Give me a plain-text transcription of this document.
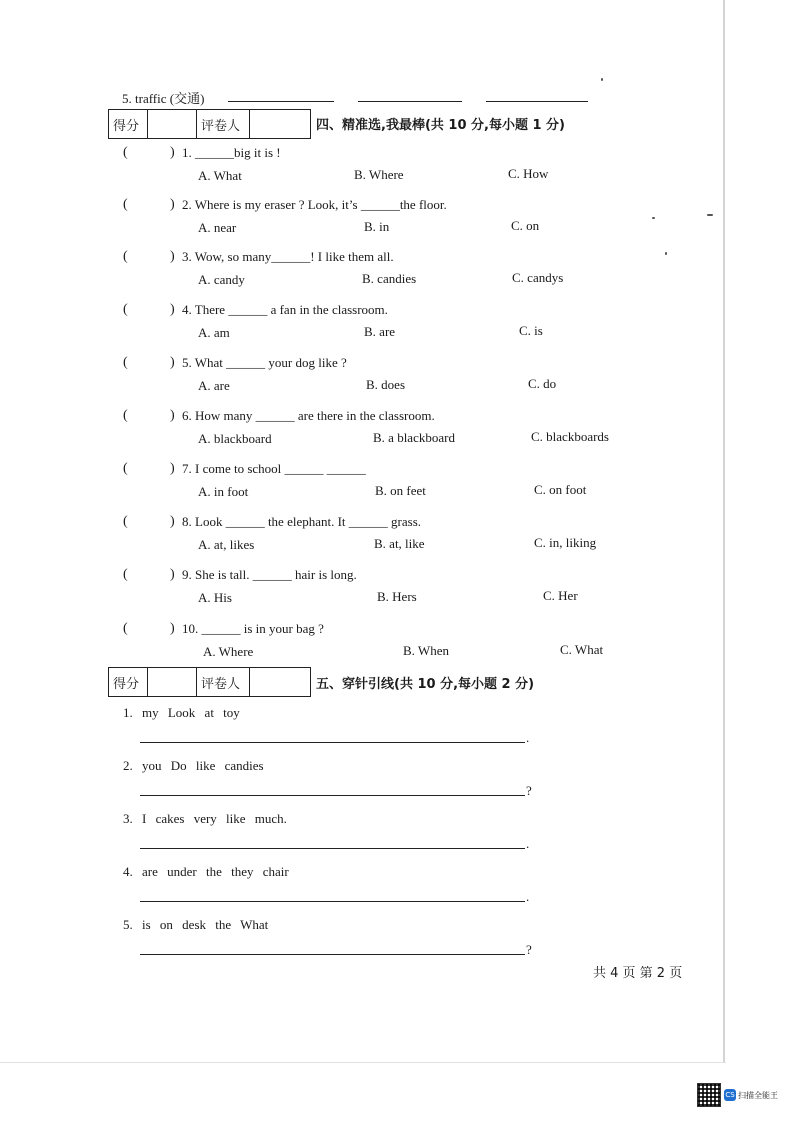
5. traffic (交通)
得分		评卷人		四、精准选,我最棒(共 10 分,每小题 1 分)
(	) 1. ______big it is !
A. What	B. Where	C. How
(	) 2. Where is my eraser ? Look, it’s ______the floor.
A. near	B. in	C. on
(	) 3. Wow, so many______! I like them all.
A. candy	B. candies	C. candys
(	) 4. There ______ a fan in the classroom.
A. am	B. are	C. is
(	) 5. What ______ your dog like ?
A. are	B. does	C. do
(	) 6. How many ______ are there in the classroom.
A. blackboard	B. a blackboard	C. blackboards
(	) 7. I come to school ______ ______
A. in foot	B. on feet	C. on foot
(	) 8. Look ______ the elephant. It ______ grass.
A. at, likes	B. at, like	C. in, liking
(	) 9. She is tall. ______ hair is long.
A. His	B. Hers	C. Her
(	) 10. ______ is in your bag ?
A. Where	B. When	C. What
得分		评卷人		五、穿针引线(共 10 分,每小题 2 分)
1. my Look at toy
.
2. you Do like candies
?
3. I cakes very like much.
.
4. are under the they chair
.
5. is on desk the What
?
共 4 页 第 2 页
CS 扫描全能王
